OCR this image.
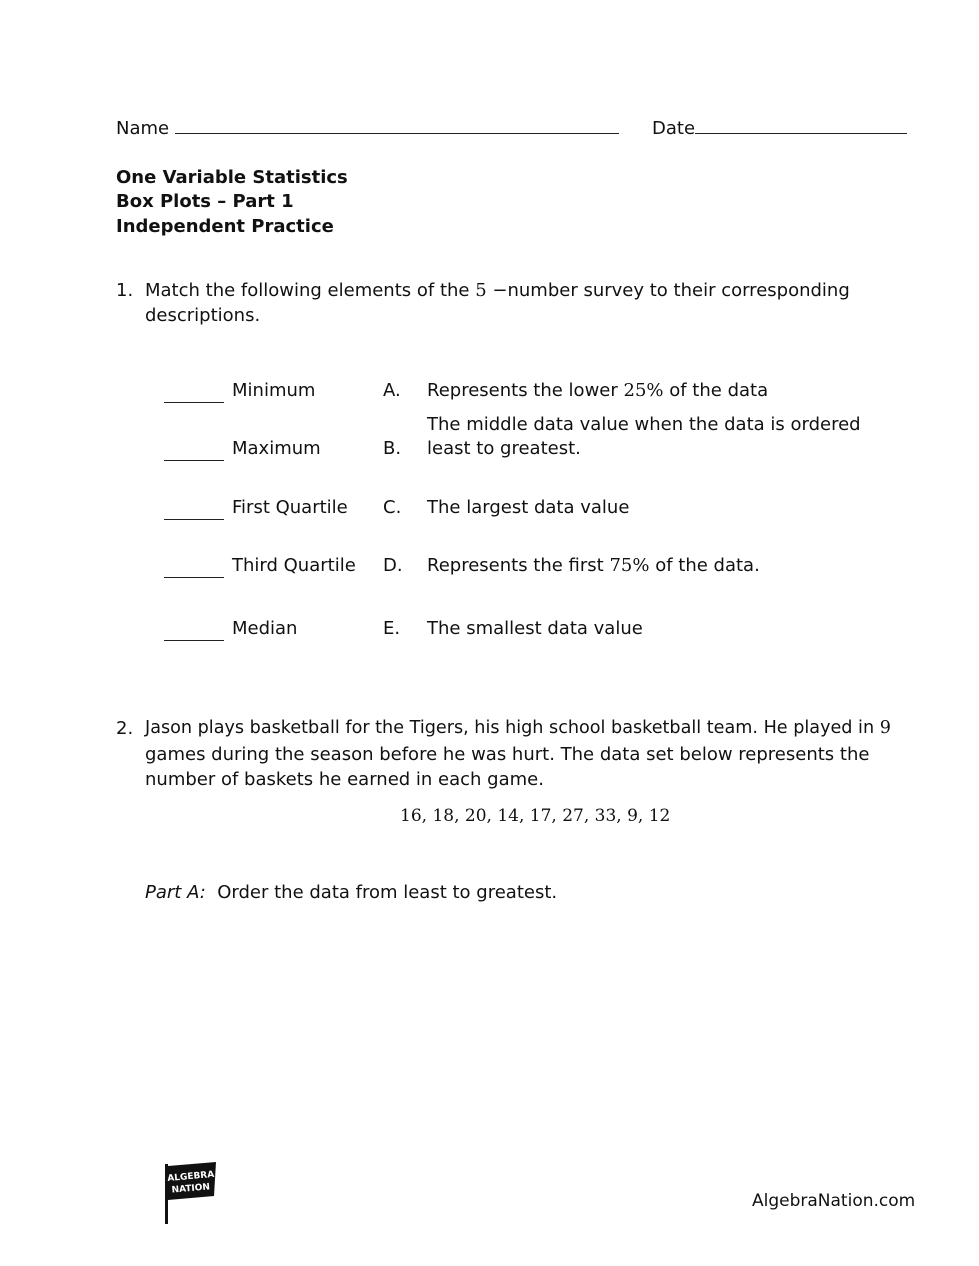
Name	Date
One Variable Statistics
Box Plots – Part 1
Independent Practice
1. Match the following elements of the 5 −number survey to their corresponding
descriptions.
Minimum
Maximum
First Quartile
Third Quartile
Median
A.
B.
C.
D.
E.
Represents the lower 25% of the data
The middle data value when the data is ordered
least to greatest.
The largest data value
Represents the first 75% of the data.
The smallest data value
2. Jason plays basketball for the Tigers, his high school basketball team. He played in 9
games during the season before he was hurt. The data set below represents the
number of baskets he earned in each game.
16, 18, 20, 14, 17, 27, 33, 9, 12
Part A:  Order the data from least to greatest.
ALGEBRA
NATION
AlgebraNation.com
